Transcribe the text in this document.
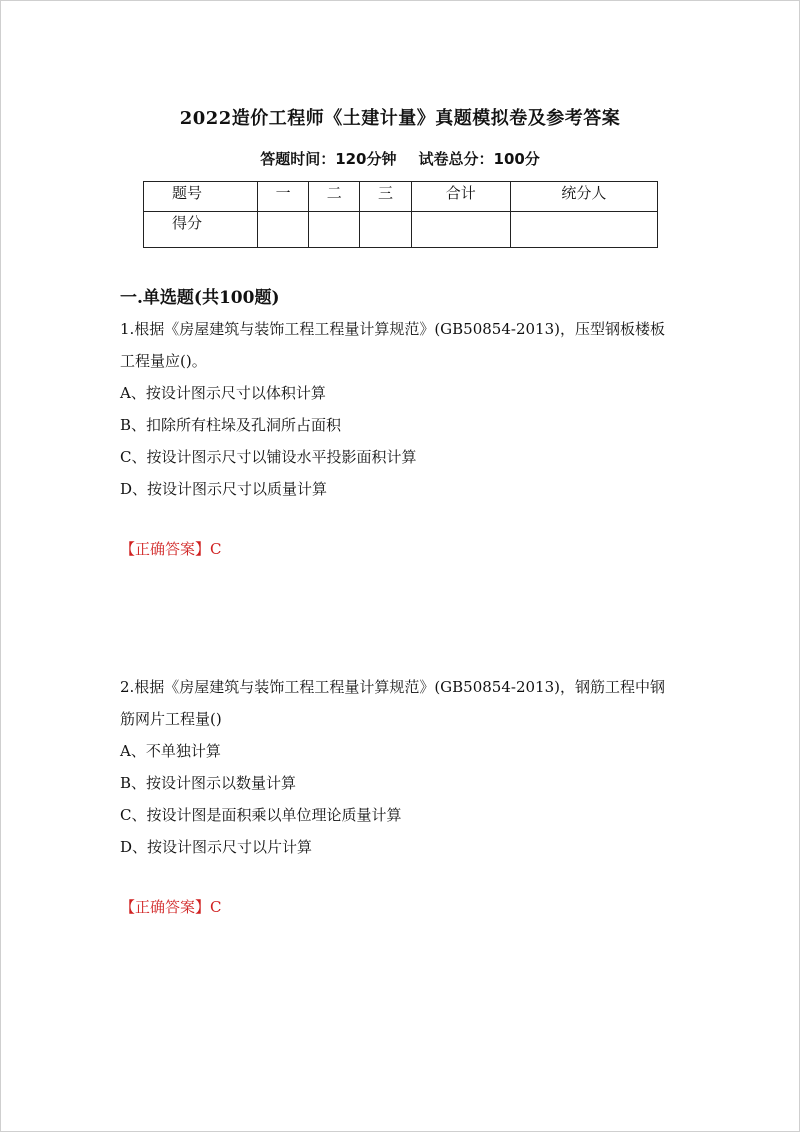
2022造价工程师《土建计量》真题模拟卷及参考答案
答题时间：120分钟 试卷总分：100分
题号	一	二	三	合计	统分人
得分					
一.单选题(共100题)
1.根据《房屋建筑与装饰工程工程量计算规范》(GB50854-2013)，压型钢板楼板
工程量应()。
A、按设计图示尺寸以体积计算
B、扣除所有柱垛及孔洞所占面积
C、按设计图示尺寸以铺设水平投影面积计算
D、按设计图示尺寸以质量计算
【正确答案】C
2.根据《房屋建筑与装饰工程工程量计算规范》(GB50854-2013)，钢筋工程中钢
筋网片工程量()
A、不单独计算
B、按设计图示以数量计算
C、按设计图是面积乘以单位理论质量计算
D、按设计图示尺寸以片计算
【正确答案】C
